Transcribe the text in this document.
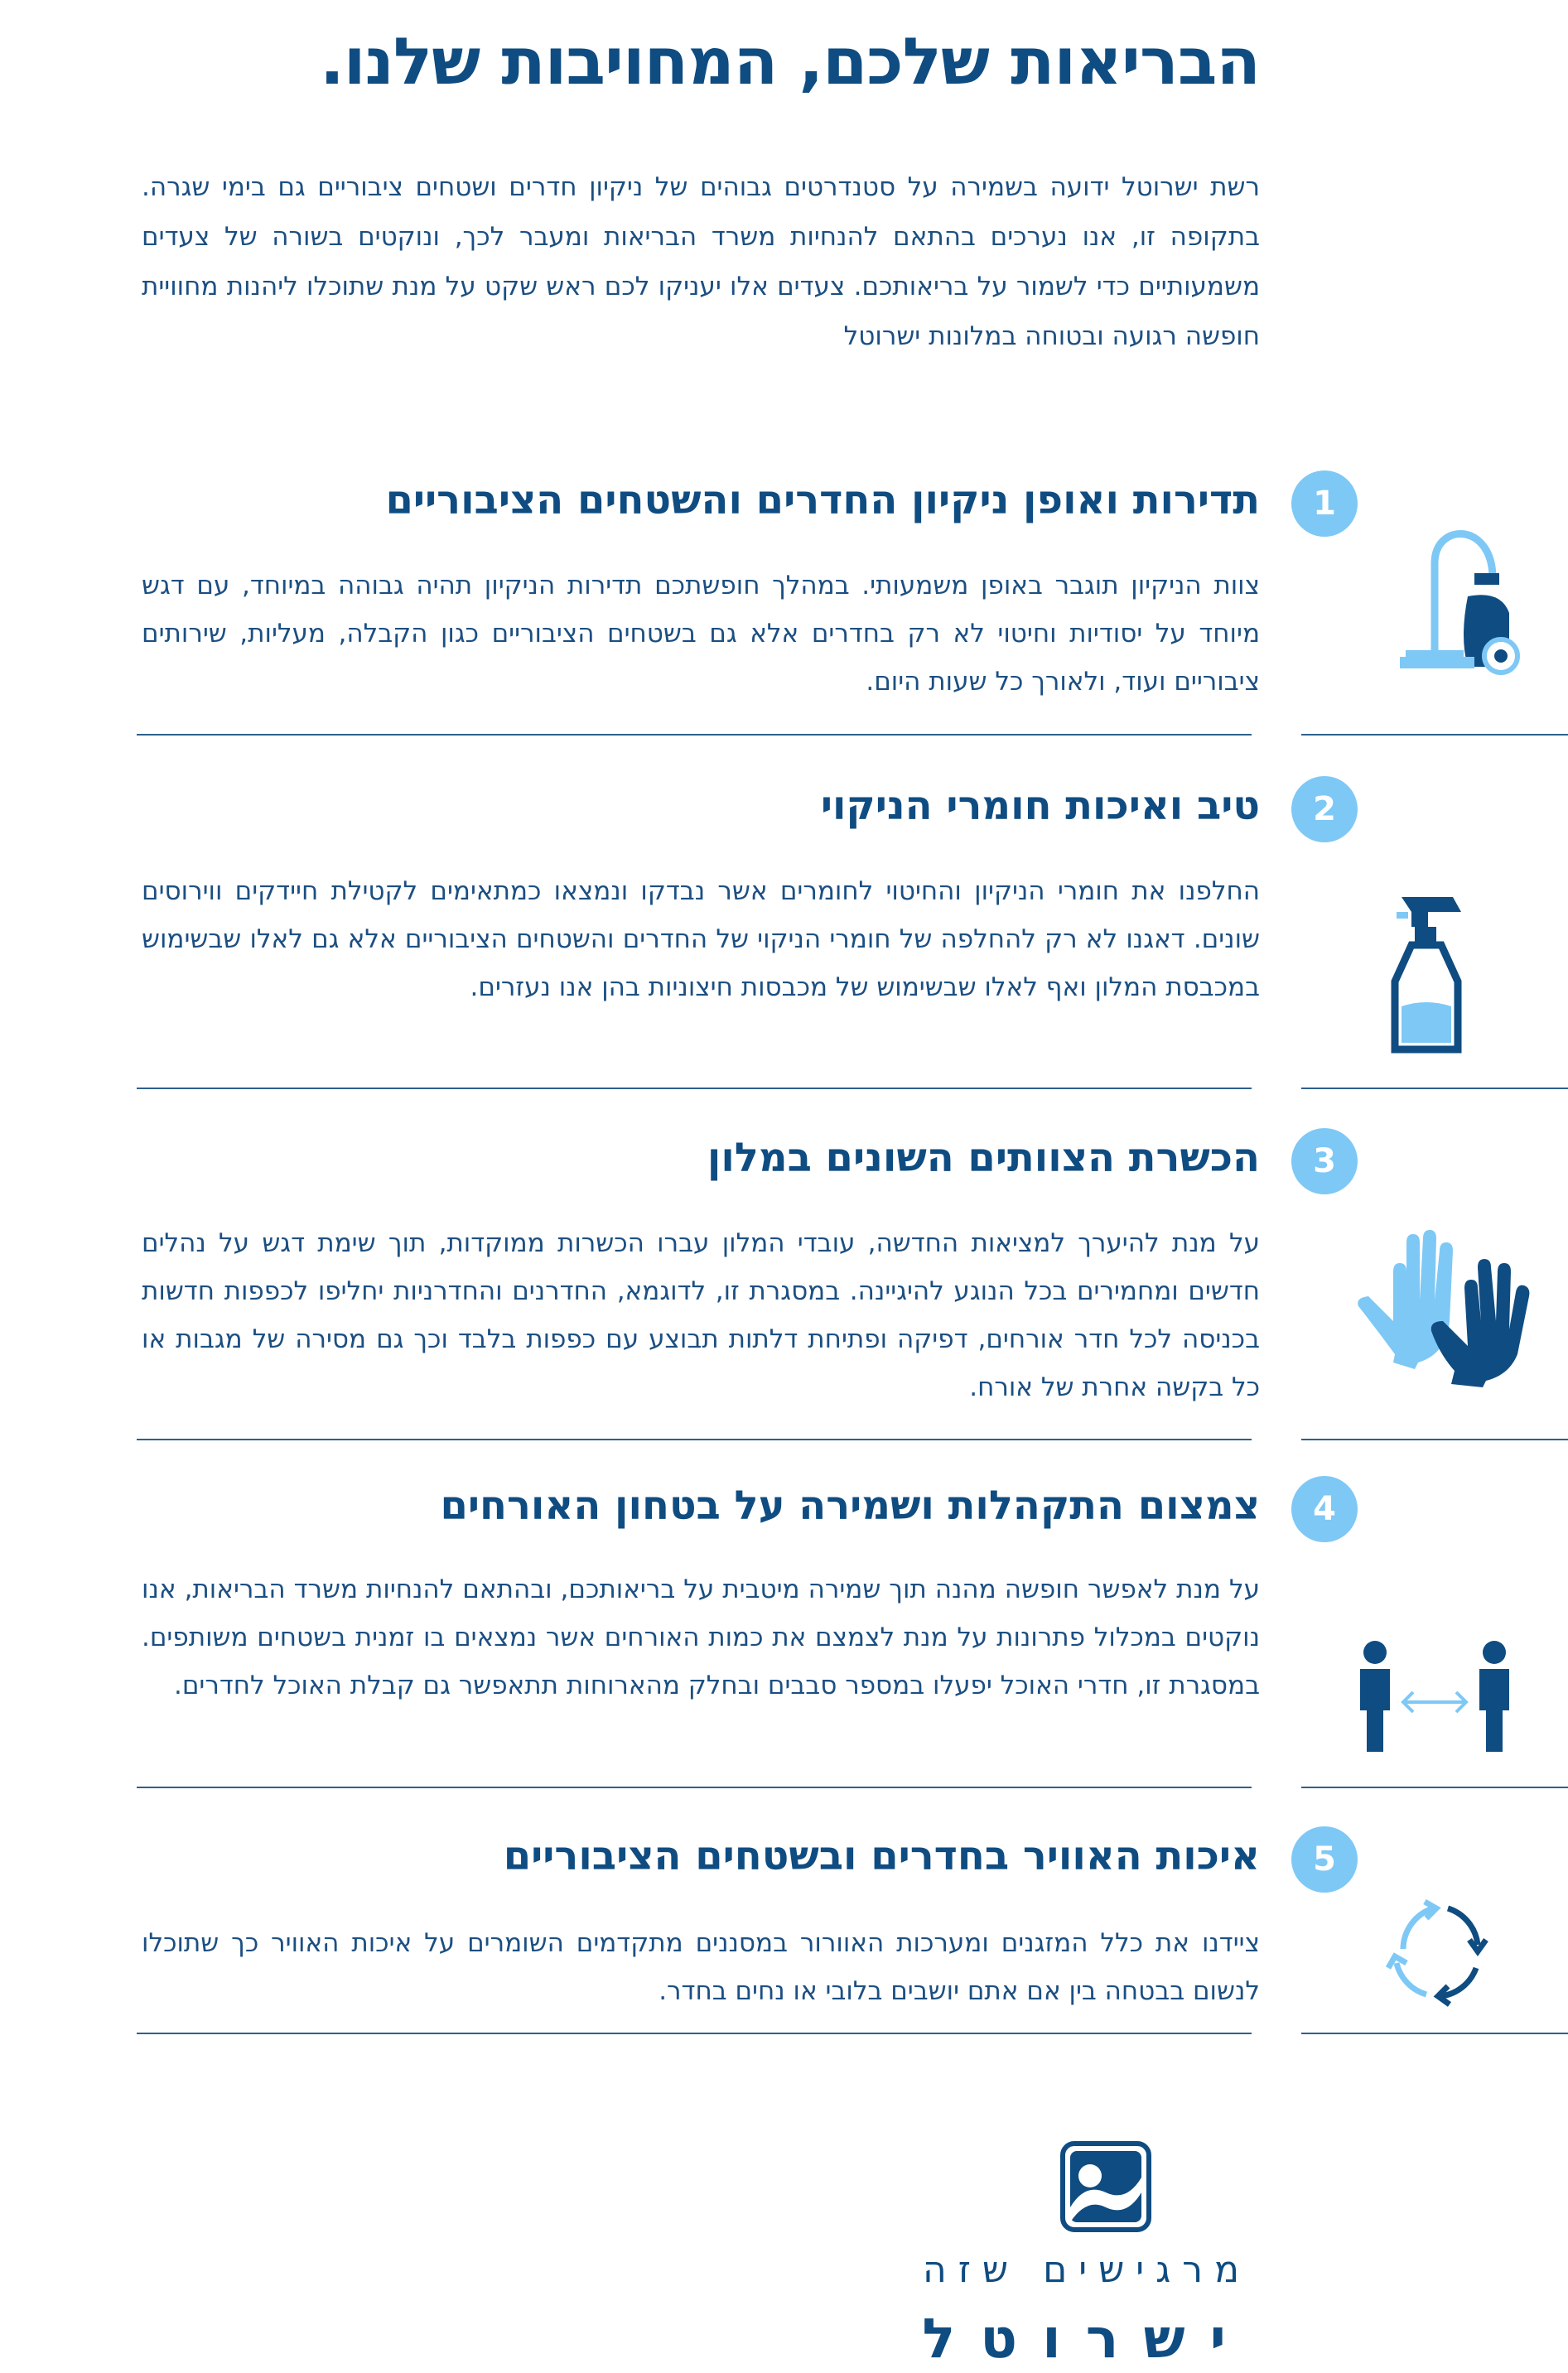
הבריאות שלכם, המחויבות שלנו.

רשת ישרוטל ידועה בשמירה על סטנדרטים גבוהים של ניקיון חדרים ושטחים ציבוריים גם בימי שגרה. בתקופה זו, אנו נערכים בהתאם להנחיות משרד הבריאות ומעבר לכך, ונוקטים בשורה של צעדים משמעותיים כדי לשמור על בריאותכם. צעדים אלו יעניקו לכם ראש שקט על מנת שתוכלו ליהנות מחוויית חופשה רגועה ובטוחה במלונות ישרוטל

1
תדירות ואופן ניקיון החדרים והשטחים הציבוריים

צוות הניקיון תוגבר באופן משמעותי. במהלך חופשתכם תדירות הניקיון תהיה גבוהה במיוחד, עם דגש מיוחד על יסודיות וחיטוי לא רק בחדרים אלא גם בשטחים הציבוריים כגון הקבלה, מעליות, שירותים ציבוריים ועוד, ולאורך כל שעות היום.

2
טיב ואיכות חומרי הניקוי

החלפנו את חומרי הניקיון והחיטוי לחומרים אשר נבדקו ונמצאו כמתאימים לקטילת חיידקים ווירוסים שונים. דאגנו לא רק להחלפה של חומרי הניקוי של החדרים והשטחים הציבוריים אלא גם לאלו שבשימוש במכבסת המלון ואף לאלו שבשימוש של מכבסות חיצוניות בהן אנו נעזרים.

3
הכשרת הצוותים השונים במלון

על מנת להיערך למציאות החדשה, עובדי המלון עברו הכשרות ממוקדות, תוך שימת דגש על נהלים חדשים ומחמירים בכל הנוגע להיגיינה. במסגרת זו, לדוגמא, החדרנים והחדרניות יחליפו לכפפות חדשות בכניסה לכל חדר אורחים, דפיקה ופתיחת דלתות תבוצע עם כפפות בלבד וכך גם מסירה של מגבות או כל בקשה אחרת של אורח.

4
צמצום התקהלות ושמירה על בטחון האורחים

על מנת לאפשר חופשה מהנה תוך שמירה מיטבית על בריאותכם, ובהתאם להנחיות משרד הבריאות, אנו נוקטים במכלול פתרונות על מנת לצמצם את כמות האורחים אשר נמצאים בו זמנית בשטחים משותפים. במסגרת זו, חדרי האוכל יפעלו במספר סבבים ובחלק מהארוחות תתאפשר גם קבלת האוכל לחדרים.

5
איכות האוויר בחדרים ובשטחים הציבוריים

ציידנו את כלל המזגנים ומערכות האוורור במסננים מתקדמים השומרים על איכות האוויר כך שתוכלו לנשום בבטחה בין אם אתם יושבים בלובי או נחים בחדר.

מרגישים שזה
ישרוטל
